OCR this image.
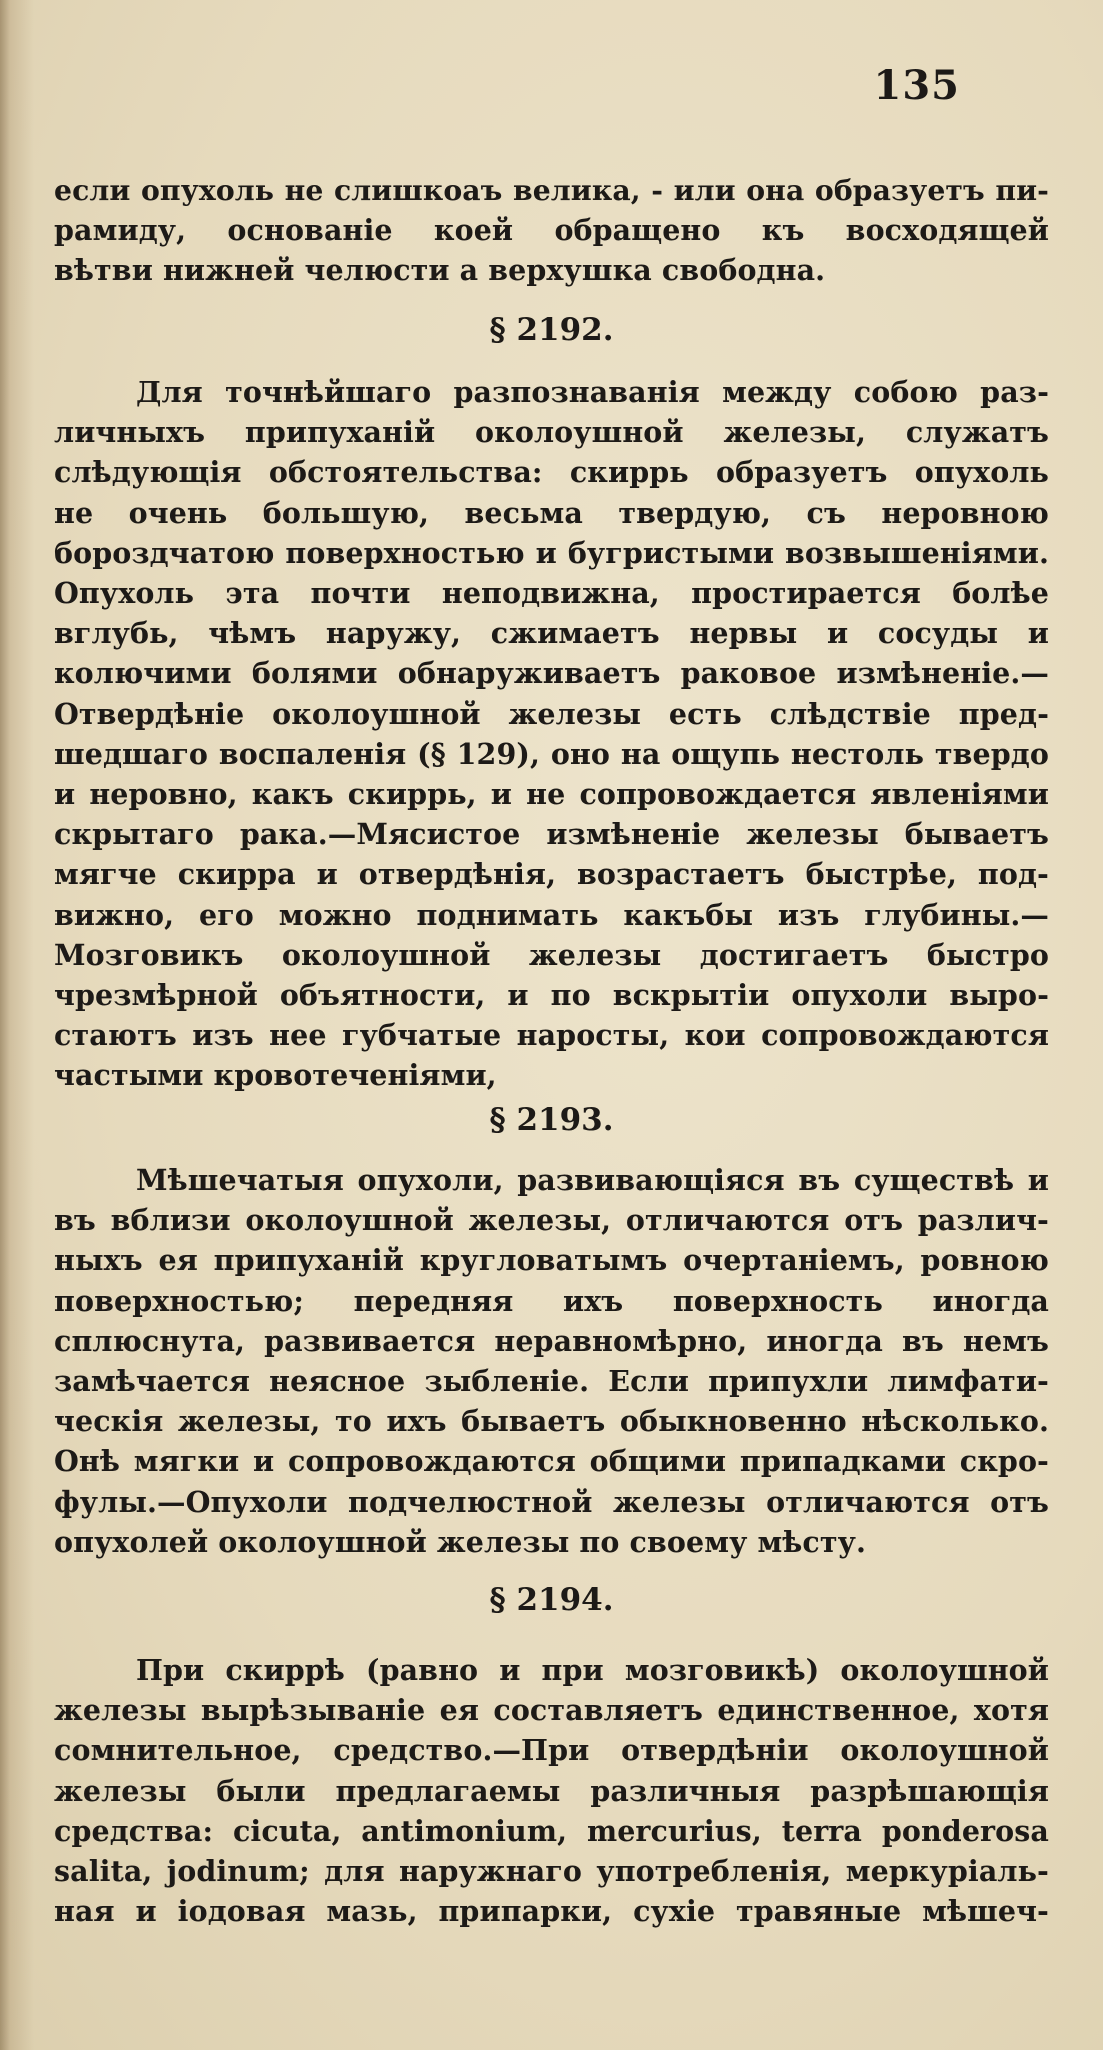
135
если опухоль не слишкоаъ велика, - или она образуетъ пи-
рамиду, основаніе коей обращено къ восходящей
вѣтви нижней челюсти а верхушка свободна.
§ 2192.
Для точнѣйшаго разпознаванія между собою раз-
личныхъ припуханій околоушной железы, служатъ
слѣдующія обстоятельства: скиррь образуетъ опухоль
не очень большую, весьма твердую, съ неровною
бороздчатою поверхностью и бугристыми возвышеніями.
Опухоль эта почти неподвижна, простирается болѣе
вглубь, чѣмъ наружу, сжимаетъ нервы и сосуды и
колючими болями обнаруживаетъ раковое измѣненіе.—
Отвердѣніе околоушной железы есть слѣдствіе пред-
шедшаго воспаленія (§ 129), оно на ощупь нестоль твердо
и неровно, какъ скиррь, и не сопровождается явленіями
скрытаго рака.—Мясистое измѣненіе железы бываетъ
мягче скирра и отвердѣнія, возрастаетъ быстрѣе, под-
вижно, его можно поднимать какъбы изъ глубины.—
Мозговикъ околоушной железы достигаетъ быстро
чрезмѣрной объятности, и по вскрытіи опухоли выро-
стаютъ изъ нее губчатые наросты, кои сопровождаются
частыми кровотеченіями,
§ 2193.
Мѣшечатыя опухоли, развивающіяся въ существѣ и
въ вблизи околоушной железы, отличаются отъ различ-
ныхъ ея припуханій кругловатымъ очертаніемъ, ровною
поверхностью; передняя ихъ поверхность иногда
сплюснута, развивается неравномѣрно, иногда въ немъ
замѣчается неясное зыбленіе. Если припухли лимфати-
ческія железы, то ихъ бываетъ обыкновенно нѣсколько.
Онѣ мягки и сопровождаются общими припадками скро-
фулы.—Опухоли подчелюстной железы отличаются отъ
опухолей околоушной железы по своему мѣсту.
§ 2194.
При скиррѣ (равно и при мозговикѣ) околоушной
железы вырѣзываніе ея составляетъ единственное, хотя
сомнительное, средство.—При отвердѣніи околоушной
железы были предлагаемы различныя разрѣшающія
средства: cicuta, antimonium, mercurius, terra ponderosa
salita, jodinum; для наружнаго употребленія, меркуріаль-
ная и іодовая мазь, припарки, сухіе травяные мѣшеч-
